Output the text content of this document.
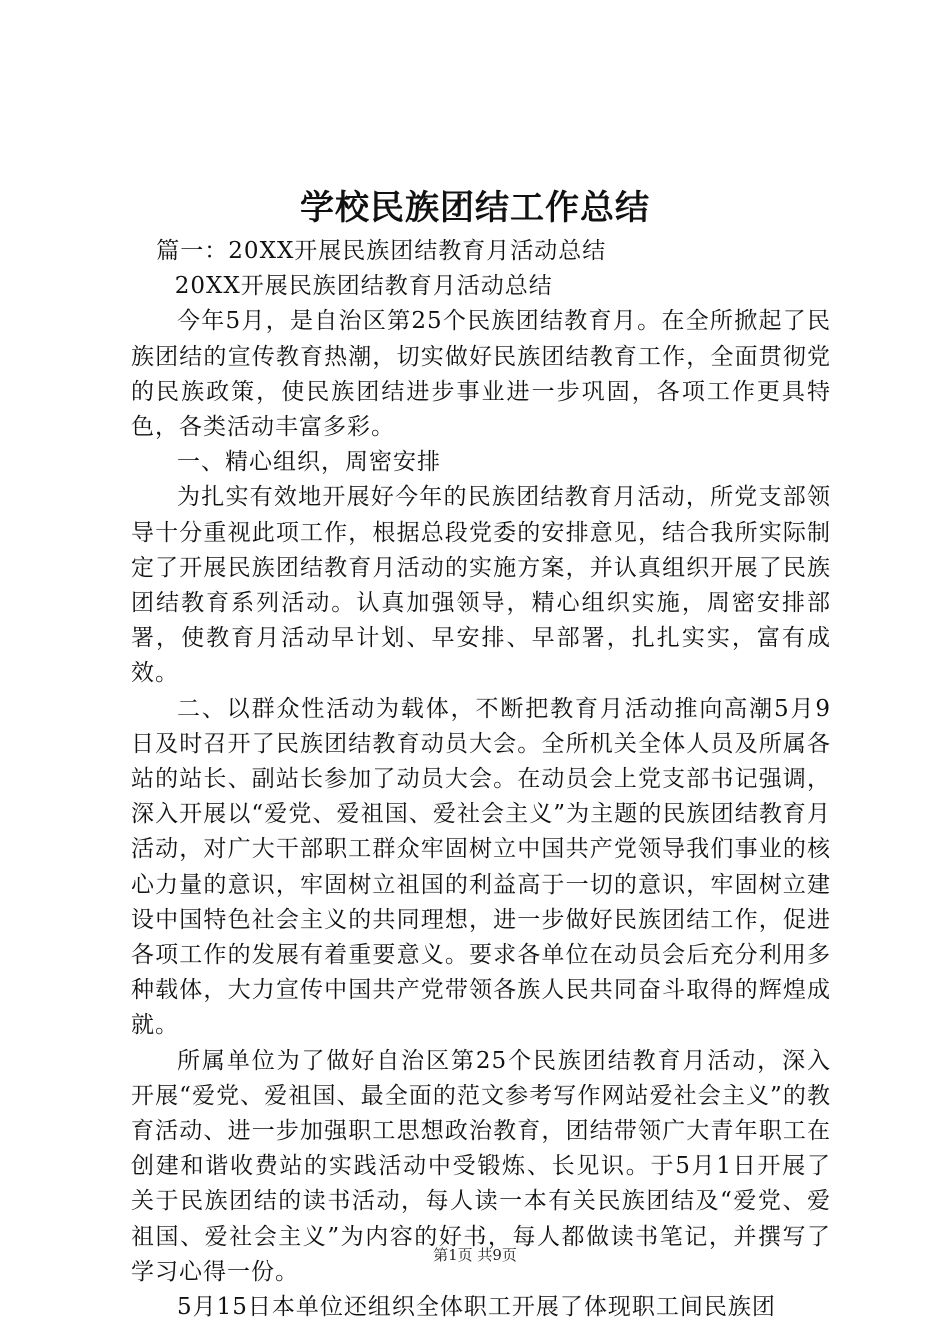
学校民族团结工作总结

篇一：20XX开展民族团结教育月活动总结

20XX开展民族团结教育月活动总结

今年5月，是自治区第25个民族团结教育月。在全所掀起了民族团结的宣传教育热潮，切实做好民族团结教育工作，全面贯彻党的民族政策，使民族团结进步事业进一步巩固，各项工作更具特色，各类活动丰富多彩。

一、精心组织，周密安排

为扎实有效地开展好今年的民族团结教育月活动，所党支部领导十分重视此项工作，根据总段党委的安排意见，结合我所实际制定了开展民族团结教育月活动的实施方案，并认真组织开展了民族团结教育系列活动。认真加强领导，精心组织实施，周密安排部署，使教育月活动早计划、早安排、早部署，扎扎实实，富有成效。

二、以群众性活动为载体，不断把教育月活动推向高潮5月9日及时召开了民族团结教育动员大会。全所机关全体人员及所属各站的站长、副站长参加了动员大会。在动员会上党支部书记强调，深入开展以“爱党、爱祖国、爱社会主义”为主题的民族团结教育月活动，对广大干部职工群众牢固树立中国共产党领导我们事业的核心力量的意识，牢固树立祖国的利益高于一切的意识，牢固树立建设中国特色社会主义的共同理想，进一步做好民族团结工作，促进各项工作的发展有着重要意义。要求各单位在动员会后充分利用多种载体，大力宣传中国共产党带领各族人民共同奋斗取得的辉煌成就。

所属单位为了做好自治区第25个民族团结教育月活动，深入开展“爱党、爱祖国、最全面的范文参考写作网站爱社会主义”的教育活动、进一步加强职工思想政治教育，团结带领广大青年职工在创建和谐收费站的实践活动中受锻炼、长见识。于5月1日开展了关于民族团结的读书活动，每人读一本有关民族团结及“爱党、爱祖国、爱社会主义”为内容的好书，每人都做读书笔记，并撰写了学习心得一份。

5月15日本单位还组织全体职工开展了体现职工间民族团

第1页 共9页
